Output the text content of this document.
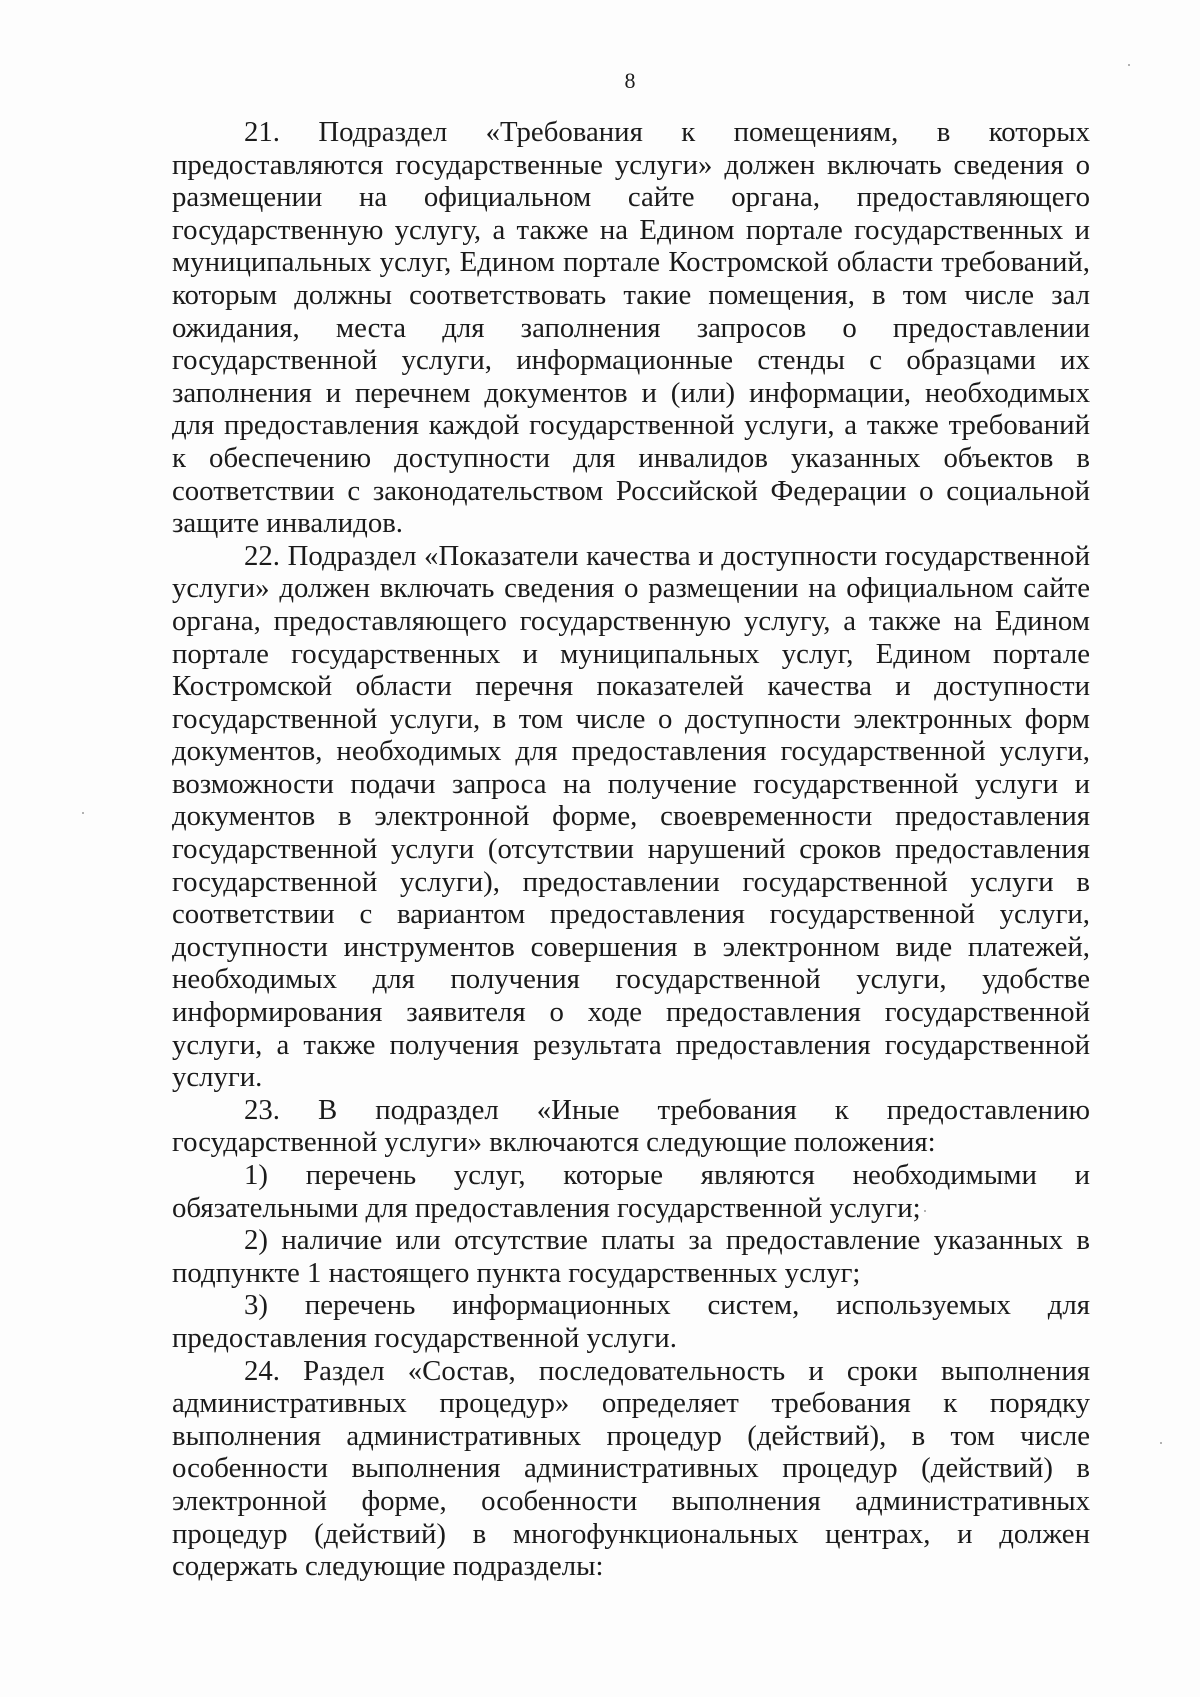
8

21. Подраздел «Требования к помещениям, в которых предоставляются государственные услуги» должен включать сведения о размещении на официальном сайте органа, предоставляющего государственную услугу, а также на Едином портале государственных и муниципальных услуг, Едином портале Костромской области требований, которым должны соответствовать такие помещения, в том числе зал ожидания, места для заполнения запросов о предоставлении государственной услуги, информационные стенды с образцами их заполнения и перечнем документов и (или) информации, необходимых для предоставления каждой государственной услуги, а также требований к обеспечению доступности для инвалидов указанных объектов в соответствии с законодательством Российской Федерации о социальной защите инвалидов.

22. Подраздел «Показатели качества и доступности государственной услуги» должен включать сведения о размещении на официальном сайте органа, предоставляющего государственную услугу, а также на Едином портале государственных и муниципальных услуг, Едином портале Костромской области перечня показателей качества и доступности государственной услуги, в том числе о доступности электронных форм документов, необходимых для предоставления государственной услуги, возможности подачи запроса на получение государственной услуги и документов в электронной форме, своевременности предоставления государственной услуги (отсутствии нарушений сроков предоставления государственной услуги), предоставлении государственной услуги в соответствии с вариантом предоставления государственной услуги, доступности инструментов совершения в электронном виде платежей, необходимых для получения государственной услуги, удобстве информирования заявителя о ходе предоставления государственной услуги, а также получения результата предоставления государственной услуги.

23. В подраздел «Иные требования к предоставлению государственной услуги» включаются следующие положения:

1) перечень услуг, которые являются необходимыми и обязательными для предоставления государственной услуги;

2) наличие или отсутствие платы за предоставление указанных в подпункте 1 настоящего пункта государственных услуг;

3) перечень информационных систем, используемых для предоставления государственной услуги.

24. Раздел «Состав, последовательность и сроки выполнения административных процедур» определяет требования к порядку выполнения административных процедур (действий), в том числе особенности выполнения административных процедур (действий) в электронной форме, особенности выполнения административных процедур (действий) в многофункциональных центрах, и должен содержать следующие подразделы:
